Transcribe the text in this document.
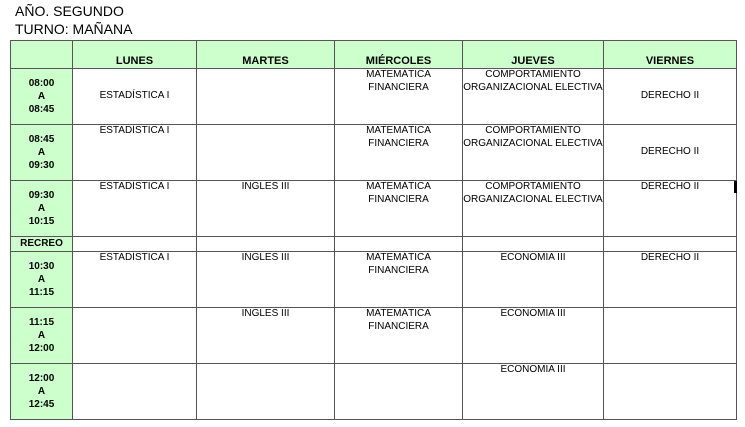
AÑO. SEGUNDO
TURNO: MAÑANA
	LUNES	MARTES	MIÉRCOLES	JUEVES	VIERNES

08:00
A
08:45	ESTADÍSTICA I		MATEMÁTICA FINANCIERA	COMPORTAMIENTO ORGANIZACIONAL ELECTIVA	DERECHO II

08:45
A
09:30	ESTADÍSTICA I		MATEMÁTICA FINANCIERA	COMPORTAMIENTO ORGANIZACIONAL ELECTIVA	DERECHO II

09:30
A
10:15	ESTADÍSTICA I	INGLES III	MATEMÁTICA FINANCIERA	COMPORTAMIENTO ORGANIZACIONAL ELECTIVA	DERECHO II
RECREO					

10:30
A
11:15	ESTADÍSTICA I	INGLES III	MATEMÁTICA FINANCIERA	ECONOMIA III	DERECHO II

11:15
A
12:00		INGLES III	MATEMÁTICA FINANCIERA	ECONOMIA III	

12:00
A
12:45				ECONOMIA III	
